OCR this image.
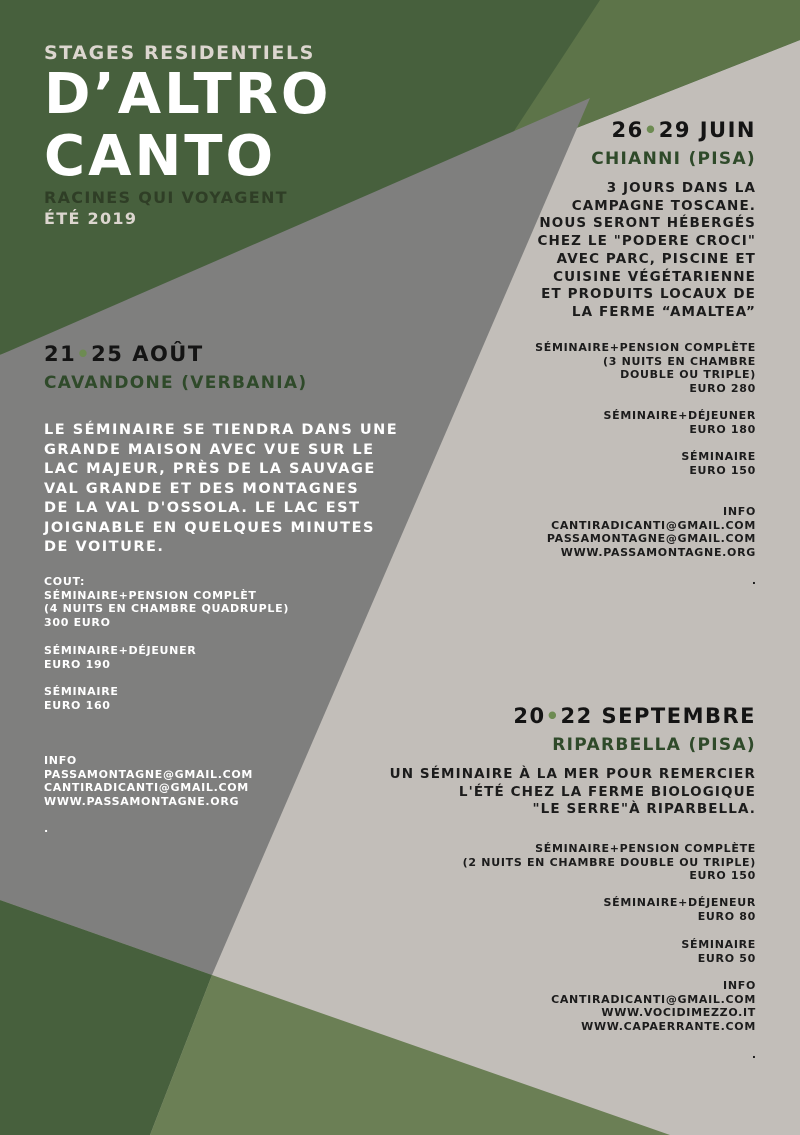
STAGES RESIDENTIELS
D’ALTRO
CANTO
RACINES QUI VOYAGENT
ÉTÉ 2019
26•29 JUIN
CHIANNI (PISA)
3 JOURS DANS LA
CAMPAGNE TOSCANE.
NOUS SERONT HÉBERGÉS
CHEZ LE "PODERE CROCI"
AVEC PARC, PISCINE ET
CUISINE VÉGÉTARIENNE
ET PRODUITS LOCAUX DE
LA FERME “AMALTEA”
SÉMINAIRE+PENSION COMPLÈTE
(3 NUITS EN CHAMBRE
DOUBLE OU TRIPLE)
EURO 280
SÉMINAIRE+DÉJEUNER
EURO 180
SÉMINAIRE
EURO 150
INFO
CANTIRADICANTI@GMAIL.COM
PASSAMONTAGNE@GMAIL.COM
WWW.PASSAMONTAGNE.ORG
.
21•25 AOÛT
CAVANDONE (VERBANIA)
LE SÉMINAIRE SE TIENDRA DANS UNE
GRANDE MAISON AVEC VUE SUR LE
LAC MAJEUR, PRÈS DE LA SAUVAGE
VAL GRANDE ET DES MONTAGNES
DE LA VAL D'OSSOLA. LE LAC EST
JOIGNABLE EN QUELQUES MINUTES
DE VOITURE.
COUT:
SÉMINAIRE+PENSION COMPLÈT
(4 NUITS EN CHAMBRE QUADRUPLE)
300 EURO
SÉMINAIRE+DÉJEUNER
EURO 190
SÉMINAIRE
EURO 160
INFO
PASSAMONTAGNE@GMAIL.COM
CANTIRADICANTI@GMAIL.COM
WWW.PASSAMONTAGNE.ORG
.
20•22 SEPTEMBRE
RIPARBELLA (PISA)
UN SÉMINAIRE À LA MER POUR REMERCIER
L'ÉTÉ CHEZ LA FERME BIOLOGIQUE
"LE SERRE"À RIPARBELLA.
SÉMINAIRE+PENSION COMPLÈTE
(2 NUITS EN CHAMBRE DOUBLE OU TRIPLE)
EURO 150
SÉMINAIRE+DÉJENEUR
EURO 80
SÉMINAIRE
EURO 50
INFO
CANTIRADICANTI@GMAIL.COM
WWW.VOCIDIMEZZO.IT
WWW.CAPAERRANTE.COM
.
